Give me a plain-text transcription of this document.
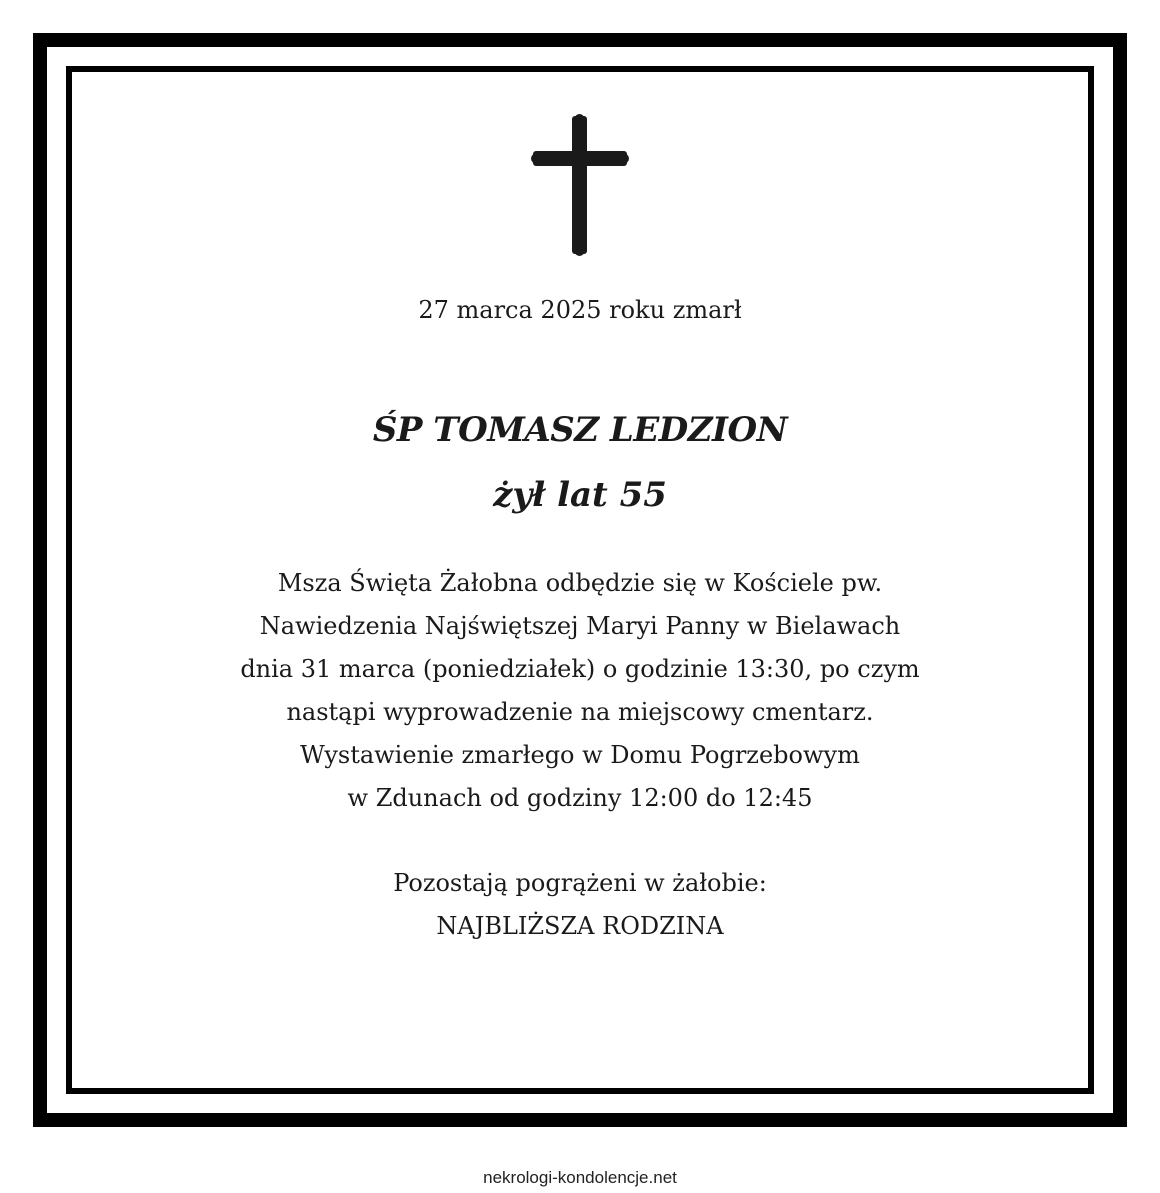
27 marca 2025 roku zmarł
ŚP TOMASZ LEDZION
żył lat 55
Msza Święta Żałobna odbędzie się w Kościele pw.
Nawiedzenia Najświętszej Maryi Panny w Bielawach
dnia 31 marca (poniedziałek) o godzinie 13:30, po czym
nastąpi wyprowadzenie na miejscowy cmentarz.
Wystawienie zmarłego w Domu Pogrzebowym
w Zdunach od godziny 12:00 do 12:45
Pozostają pogrążeni w żałobie:
NAJBLIŻSZA RODZINA
nekrologi-kondolencje.net
